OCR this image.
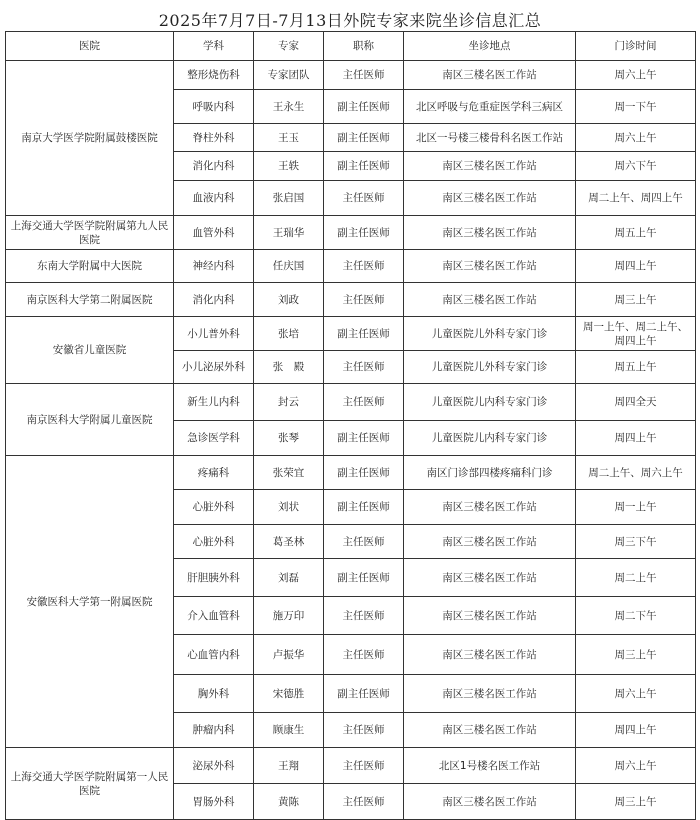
2025年7月7日-7月13日外院专家来院坐诊信息汇总
医院	学科	专家	职称	坐诊地点	门诊时间
南京大学医学院附属鼓楼医院	整形烧伤科	专家团队	主任医师	南区三楼名医工作站	周六上午
	呼吸内科	王永生	副主任医师	北区呼吸与危重症医学科三病区	周一下午
	脊柱外科	王玉	副主任医师	北区一号楼三楼骨科名医工作站	周六上午
	消化内科	王轶	副主任医师	南区三楼名医工作站	周六下午
	血液内科	张启国	主任医师	南区三楼名医工作站	周二上午、周四上午
上海交通大学医学院附属第九人民医院	血管外科	王瑞华	副主任医师	南区三楼名医工作站	周五上午
东南大学附属中大医院	神经内科	任庆国	主任医师	南区三楼名医工作站	周四上午
南京医科大学第二附属医院	消化内科	刘政	主任医师	南区三楼名医工作站	周三上午
安徽省儿童医院	小儿普外科	张培	副主任医师	儿童医院儿外科专家门诊	周一上午、周二上午、周四上午
	小儿泌尿外科	张　殿	主任医师	儿童医院儿外科专家门诊	周五上午
南京医科大学附属儿童医院	新生儿内科	封云	主任医师	儿童医院儿内科专家门诊	周四全天
	急诊医学科	张琴	副主任医师	儿童医院儿内科专家门诊	周四上午
安徽医科大学第一附属医院	疼痛科	张荣宜	副主任医师	南区门诊部四楼疼痛科门诊	周二上午、周六上午
	心脏外科	刘状	副主任医师	南区三楼名医工作站	周一上午
	心脏外科	葛圣林	主任医师	南区三楼名医工作站	周三下午
	肝胆胰外科	刘磊	副主任医师	南区三楼名医工作站	周二上午
	介入血管科	施万印	主任医师	南区三楼名医工作站	周二下午
	心血管内科	卢振华	主任医师	南区三楼名医工作站	周三上午
	胸外科	宋德胜	副主任医师	南区三楼名医工作站	周六上午
	肿瘤内科	顾康生	主任医师	南区三楼名医工作站	周四上午
上海交通大学医学院附属第一人民医院	泌尿外科	王翔	主任医师	北区1号楼名医工作站	周六上午
	胃肠外科	黄陈	主任医师	南区三楼名医工作站	周三上午
